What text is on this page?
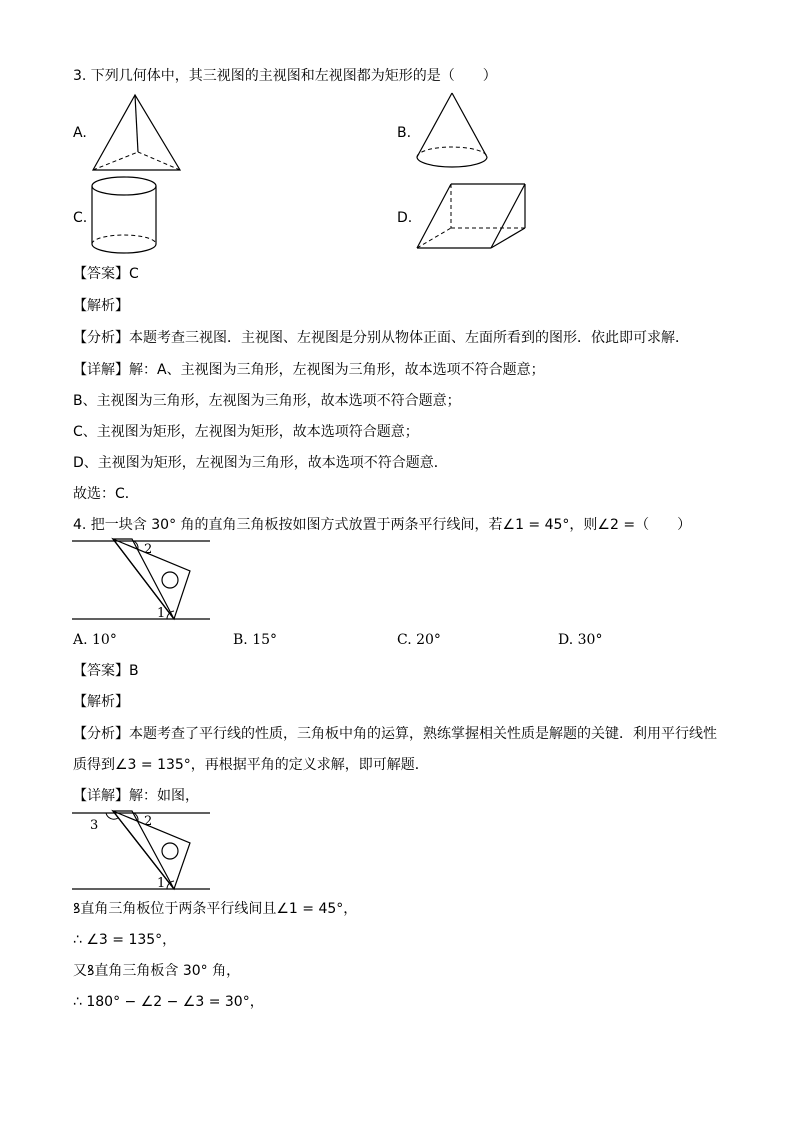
3. 下列几何体中，其三视图的主视图和左视图都为矩形的是（　　）
A.	B.
C.	D.
【答案】C
【解析】
【分析】本题考查三视图．主视图、左视图是分别从物体正面、左面所看到的图形．依此即可求解．
【详解】解：A、主视图为三角形，左视图为三角形，故本选项不符合题意；
B、主视图为三角形，左视图为三角形，故本选项不符合题意；
C、主视图为矩形，左视图为矩形，故本选项符合题意；
D、主视图为矩形，左视图为三角形，故本选项不符合题意．
故选：C．
4. 把一块含 30° 角的直角三角板按如图方式放置于两条平行线间，若∠1 = 45°，则∠2 =（　　）
2
1
A. 10°	B. 15°	C. 20°	D. 30°
【答案】B
【解析】
【分析】本题考查了平行线的性质，三角板中角的运算，熟练掌握相关性质是解题的关键．利用平行线性
质得到∠3 = 135°，再根据平角的定义求解，即可解题．
【详解】解：如图，
2
3
1
ꝸ直角三角板位于两条平行线间且∠1 = 45°，
∴ ∠3 = 135°，
又ꝸ直角三角板含 30° 角，
∴ 180° − ∠2 − ∠3 = 30°，
